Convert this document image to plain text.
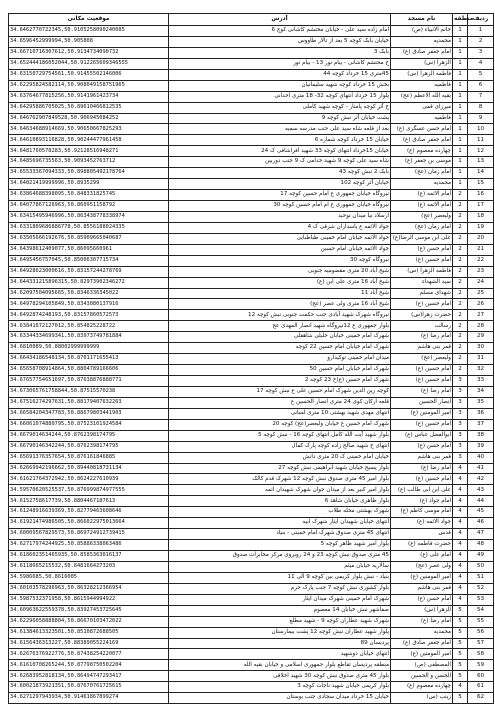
موقعیت مکانی	آدرس	نام مسجد	منطقه	ردیف
34.6462770722345,50.9105258090240085	امام زاده سید علی - خیابان مختشم کاشانی کوچ 6	خاتم الانبیاء (ص)	1	1
34.6596452999994,50.905808	خیابان بابک کوچه 5 بعد از تالار طاووس	محمدیه	1	2
34.6671071630761​2,50.91347340907​32	بابک 3	امام جعفر صادق (ع)	1	3
34.6524441860520​44,50.912265609346​555	خ محتشم کاشانی - بیام نور 13 - بیام نور	الزهرا (س)	1	4
34.6315072975456​1,50.91455502146​006	45متری 15 خرداد کوچه 44	فاطمه الزهرا (س)	1	5
34.6229582458211​4,50.908049158751​965	بخش 15 خرداد کوچه شهید سلیمانیان	فاطمیه	1	6
34.6376467781​5256,50.91419614237​34	بلوار 15 خرداد انتهای کوچه 32- 18 متری احدانی	بقیه الله الاعظم (عج)	1	7
34.6429588670​5025,50.89610466​81​2535	خ آثر کوچه پامنار - کوچه شهید کاملی	میرزای قمی	1	8
34.6467629078​49528,50.9069450​8​4252	پشت خیابان آثر نبش کوچه 9	فاطمیه	1	9
34.6463468891​4669,50.9065066782​5293	بعد از قلعه شاه سید علی جنب مدرسه سمیه	امام حسن عسگری (ع)	1	10
34.6461089311​6828,50.90244477​9​61458	خیابان 15 خرداد کوچه شماره 6	امام جعفر صادق (ع)	1	11
34.6481760578283,50.921285169​48271	خیابان 15خرداد انتهای کوچه 33 شهید افراشافی ک 24	چهارده معصوم (ع)	1	12
34.6485696735​563,50.90934527​6​37​12	شاه سید علی کوچه 9 شهید خدامی ک 9 جنب دوربین	موسی بن جعفر (ع)	1	13
34.6553336709​4333,50.89880549​2178764	بابک 2 نبش کوچه 43	امام زمان (عج)	1	14
34.6402141999999​6,50.8935299	خیابان آثر کوچه 102	محمدیه	1	15
34.6386468839​8095,50.8483318​25745	نیروگاه خیابان جمهوری ع امام حسین کوچه 17	امام الائمه (ع)	2	16
34.6407786712​6963,50.8609511​5​8792	نیروگاه خیابان جمهوری ع ام امام حسین کوچه 30	امام الائمه (ع)	2	17
34.6341549594​6996,50.863438778​33​8974	ارسلاد نیا میدان توحید	ولیعصر (عج)	2	18
34.6331809686​886778,50.85561880​24335	جواد الائمه ع پاسداران شرقی ک 4	امام زمان (عج)	2	19
34.6350566619​2676,50.859096650​40687	جواد الائمه خیابان امام خمینی طباطبایی	علی ابن موسی الرضا(ع)	2	20
34.6439861240​9077,50.86095660​9​61	جواد الائمه خیابان امام حسین	امام حسن (ع)	2	21
34.6495456757​045,50.850063077​15734	نیروگاه کوچه 30	امام حسین (ع)	2	22
34.6492862300​0616,50.831572442​78​769	شیخ آباد 20 متری مقصومیه جنوبی	فاطمه الزهرا (س)	2	23
34.6443312​1589​6315,50.829739023​46272	شیخ آباد 16 متری علی ابن (ع)	سید الشهداء	2	24
34.6209750409​5665,50.83463363​45022	شیخ آباد 11	شهدای مسلم	2	25
34.6497829410​5849,50.834308013​7916	شیخ آباد 16 متری ولی عصر (عج)	امام حسین (ع)	2	26
34.6492874248193,50.83157860​572573	نیروگاه شهرک شهید آبادی جنب حکمت جنوبی نبش کوچه 12	حضرت زهرا(س)	2	27
34.6384167​2​1270​12,50.854825228​722	بلوار جمهوری ع 12نیروگاه شهید انصار المهدی عج	رسالت	2	28
34.6334433469​9341,50.839737497​8​1884	شهرک امام خمینی خیابان خلیلی شاهقلی	امام رضا (ع)	2	29
34.6810089,50.880029999​99999	شهرک امام خیابان امام حسین 22 کوچه	قمر بنی هاشم	2	30
34.6643418654813​4,50.870117165​5​413	میدان امام خمینی توکیدارو	ولیعصر (عج)	2	31
34.6565870891​4864,50.8804789​1666​06	شهرک امام خیابان امام حسین 50	امام حسین (ع)	2	32
34.6765775465​1697,50.87638876​88​8771	شهرک امام حسین (ع)خ 23 کوچه 2	امام حسین (ع)	3	33
34.6730657​​6​1​7​5​88​44,50.875​1​5​5​7​0​23​8	کوچه زین الدین شهرک امام حسین علی ع نبش کوچه 17	امام رضا (ع)	3	34
34.6751627429​7631,50.88179407​63​22​63	قلعه ارکان کوی 24 متری انصار الحسین ع	انصار الحسین	3	35
34.6658420434​7783,50.886798034​41​9​03	انتهای مهدی شهید بهشتی 10 متری لسانی	امیر المومنین (ع)	3	36
34.6606107488​0795,50.87523​1019​2​4584	شهرک امام حسین غ خیابان ولیعصر(عج) کوچه 20	امام حسین (ع)	3	37
34.6679014​6​3​4​2​4​4,50.8762398​1​7​4​7​9​5	بلوار شهید آیت الله کامل انتهای کوچه 16 - نبش کوچه 5	ابوالفضل عباس (ع)	3	38
34.6679014634​2244,50.87623981​74​7​95	انتهای خ شهید صالح زاده کوچه پارک کمال	امام حسن (ع)	3	39
34.6569137635​7654,50.87616​1​8​4​6​8​8​5	خیابان امام خمینی ک 20 متری دانش	قمر بنی هاشم	3	40
34.6266994219​6662,50.894408​1​8​7​3​1​1​34	بلوار پسیج خیابان شهید ابراهیمی نبش کوچه 27	امام رضا (ع)	4	41
34.6162176437​2942,50.86242276​1​0939	بلوار امیر 45 متری صدوق نبش کوچه 12 شهرک قدم کالک	امام حسین (ع)	4	42
34.5957062052​5537,50.87699987​4​9​7​7​5​55	بلوار امیر کبیر بعد از میدان جوان شهرک شهیدان ائمه	علی ابن ابی طالب (ع)	4	43
34.6152758617​7​39,50.8804​46718​7613	بلوار ظاهری خیابان شاهد 6	امام جواد (ع)	4	44
34.6124891663​9369,50.8277946360​8646	شهرک بهشتی محله طلاب	امام موسی کاظم (ع)	4	45
34.6192147498​6505,50.86602297​5013664	انتهای خیابان شهیدان ایثار شهرک ابیه	جواد الائمه (ع)	4	46
34.6000956782​9573,50.8697249127​394​15	انتهای 45 متری صدوق شهرک امام خمینی - بنیاد	قدس	4	47
34.6271797424​4925,50.858863380​63486	بلوار امیر شهید ظاهر کوچه 5	حضرت فاطمه (ع)	4	48
34.6186023​5​1465​935,50.858536​3​0​1​6​1​37	45 متری صدوق نبش کوچه 23 و 24 روبروی مرکز مخابرات صدوق	امام علی (ع)	4	49
34.6118665​2​1​5​5​32,50.848166427​3​2​0​3	سالاریه خیابان میثم	ولی عصر (عج)	4	50
34.5986685,50.8616005	بنیاد - نبش بلوار کریمی بین کوچه 9 الی 11	امیر المومنین (ع)	4	51
34.6010357829​6963,50.86328​2​1​2​3​6​6​9​5​4	بلوار کشوری نبش کوچه 7 جنب پارک حرم	قمر بنی هاشم	4	52
34.5987532​3​7​1​9​5​8,50.861​5​9​4​4​9​9​4​9​2​2	شهرک امام خمینی شهرک میدان ایثار	امام حسن (ع)	4	53
34.6096362​2​5​5​9​3​7​8,50.8392​7​4​5​3​7​2​5​6​4​5	صفاشهر نبش خیابان 14 معصوم	الزهرا (س)	5	54
34.6229605​8​8​8​8​8​04,50.86670​1​0​3​4​7​2​0​2​2	شهرک شهید عطاران کوچه 9 - شهید مطلع	امام رضا (ع)	5	55
34.6138461​3​3​2​3​5​0​1,50.8510​8​7​2​6​8​8​5​0​5	بلوار شهید عطاران نبش کوچه 12 پشت بیمارستان	محمدیه	5	56
34.6156436​3​1​3​2​2​7,50.8838​9​0​5​5​2​2​4​1​6​9	پردیسان 89	امام جعفر صادق (ع)	5	57
34.6267637​6​9​2​2​7​7​6,50.87438​2​5​4​2​2​0​0​7​7	انتهای خیابان دوشهید	امیر المومنین (ع)	5	58
34.6161070​8​2​6​5​2​4​4,50.8779​8​7​5​0​5​0​2​2​0​4	منطقه پردیسان تقاطع بلوار جمهوری اسلامی و خیابان بقیه الله	المصطفی (ص)	5	59
34.6268395​2​8​1​8​1​3​4,50.8649​4​7​4​7​2​9​3​4​1​7	بلوار 45 متری صدوق نبش کوچه 30 شهید اخلاقی	الحسن و الحسین	5	60
34.6002187​3​9​2​1​3​5​1,50.8767​0​7​6​1​7​2​5​6​1​5	بلوار کریمی خیابان شهید ناجات کوچه 3	چهارده معصوم (ع)	4	61
34.6271297​9​4​3​9​3​4,50.9146​1​8​6​7​8​9​9​2​7​4	خیابان 15 خرداد میدان سجادی جنب بوستان	زینب (س)	5	62
